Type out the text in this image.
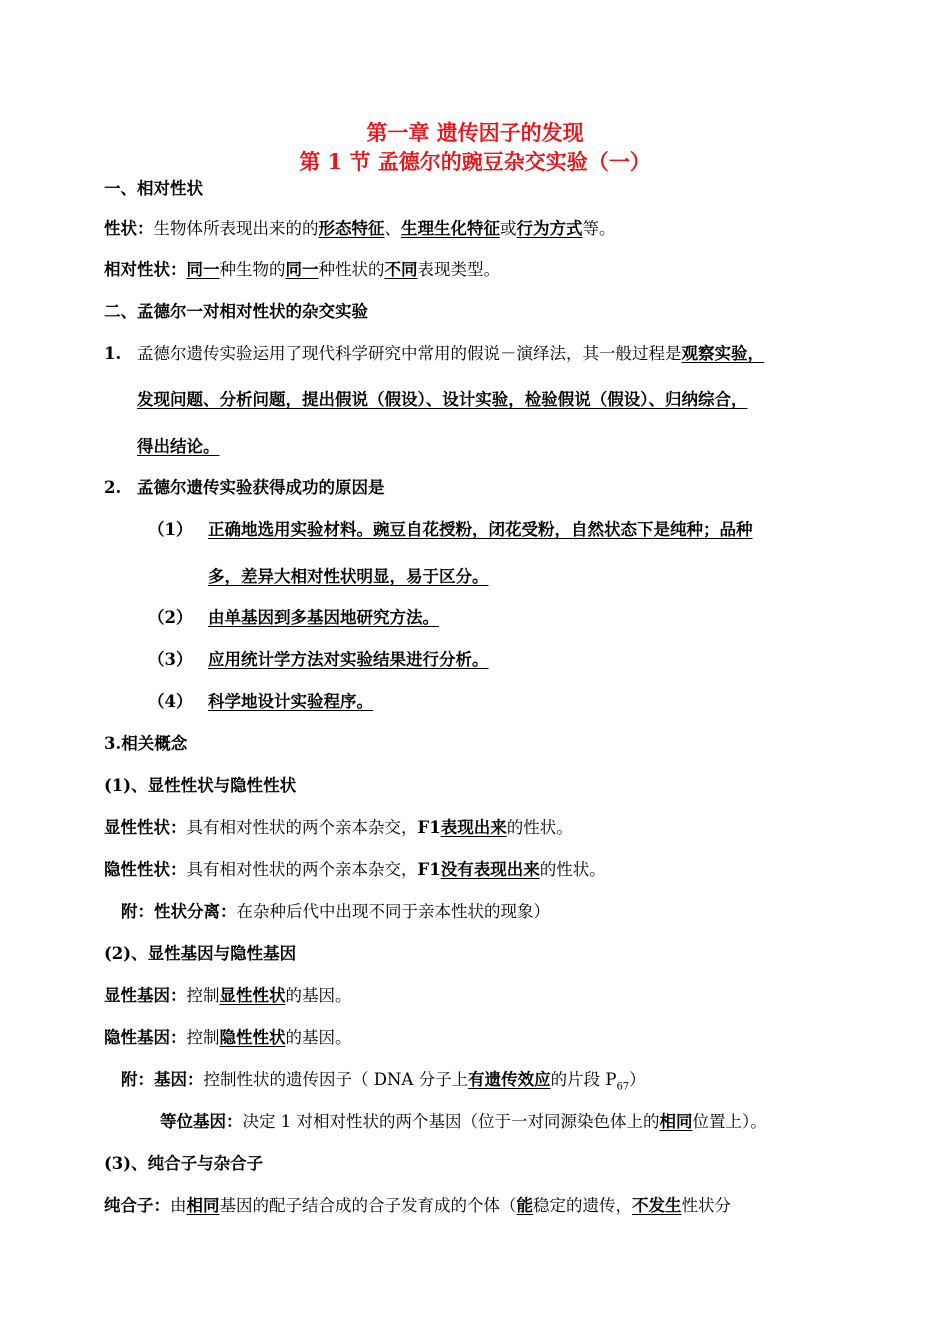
第一章 遗传因子的发现
第 1 节 孟德尔的豌豆杂交实验（一）
一、相对性状
性状：生物体所表现出来的的形态特征、生理生化特征或行为方式等。
相对性状：同一种生物的同一种性状的不同表现类型。
二、孟德尔一对相对性状的杂交实验
1. 孟德尔遗传实验运用了现代科学研究中常用的假说－演绎法，其一般过程是观察实验，
发现问题、分析问题，提出假说（假设）、设计实验，检验假说（假设）、归纳综合，
得出结论。
2. 孟德尔遗传实验获得成功的原因是
（1） 正确地选用实验材料。豌豆自花授粉，闭花受粉，自然状态下是纯种；品种
多，差异大相对性状明显，易于区分。
（2） 由单基因到多基因地研究方法。
（3） 应用统计学方法对实验结果进行分析。
（4） 科学地设计实验程序。
3.相关概念
(1)、显性性状与隐性性状
显性性状：具有相对性状的两个亲本杂交，F1表现出来的性状。
隐性性状：具有相对性状的两个亲本杂交，F1没有表现出来的性状。
附：性状分离：在杂种后代中出现不同于亲本性状的现象）
(2)、显性基因与隐性基因
显性基因：控制显性性状的基因。
隐性基因：控制隐性性状的基因。
附：基因：控制性状的遗传因子（ DNA 分子上有遗传效应的片段 $P_{67}$）
等位基因：决定 1 对相对性状的两个基因（位于一对同源染色体上的相同位置上）。
(3)、纯合子与杂合子
纯合子：由相同基因的配子结合成的合子发育成的个体（能稳定的遗传，不发生性状分
